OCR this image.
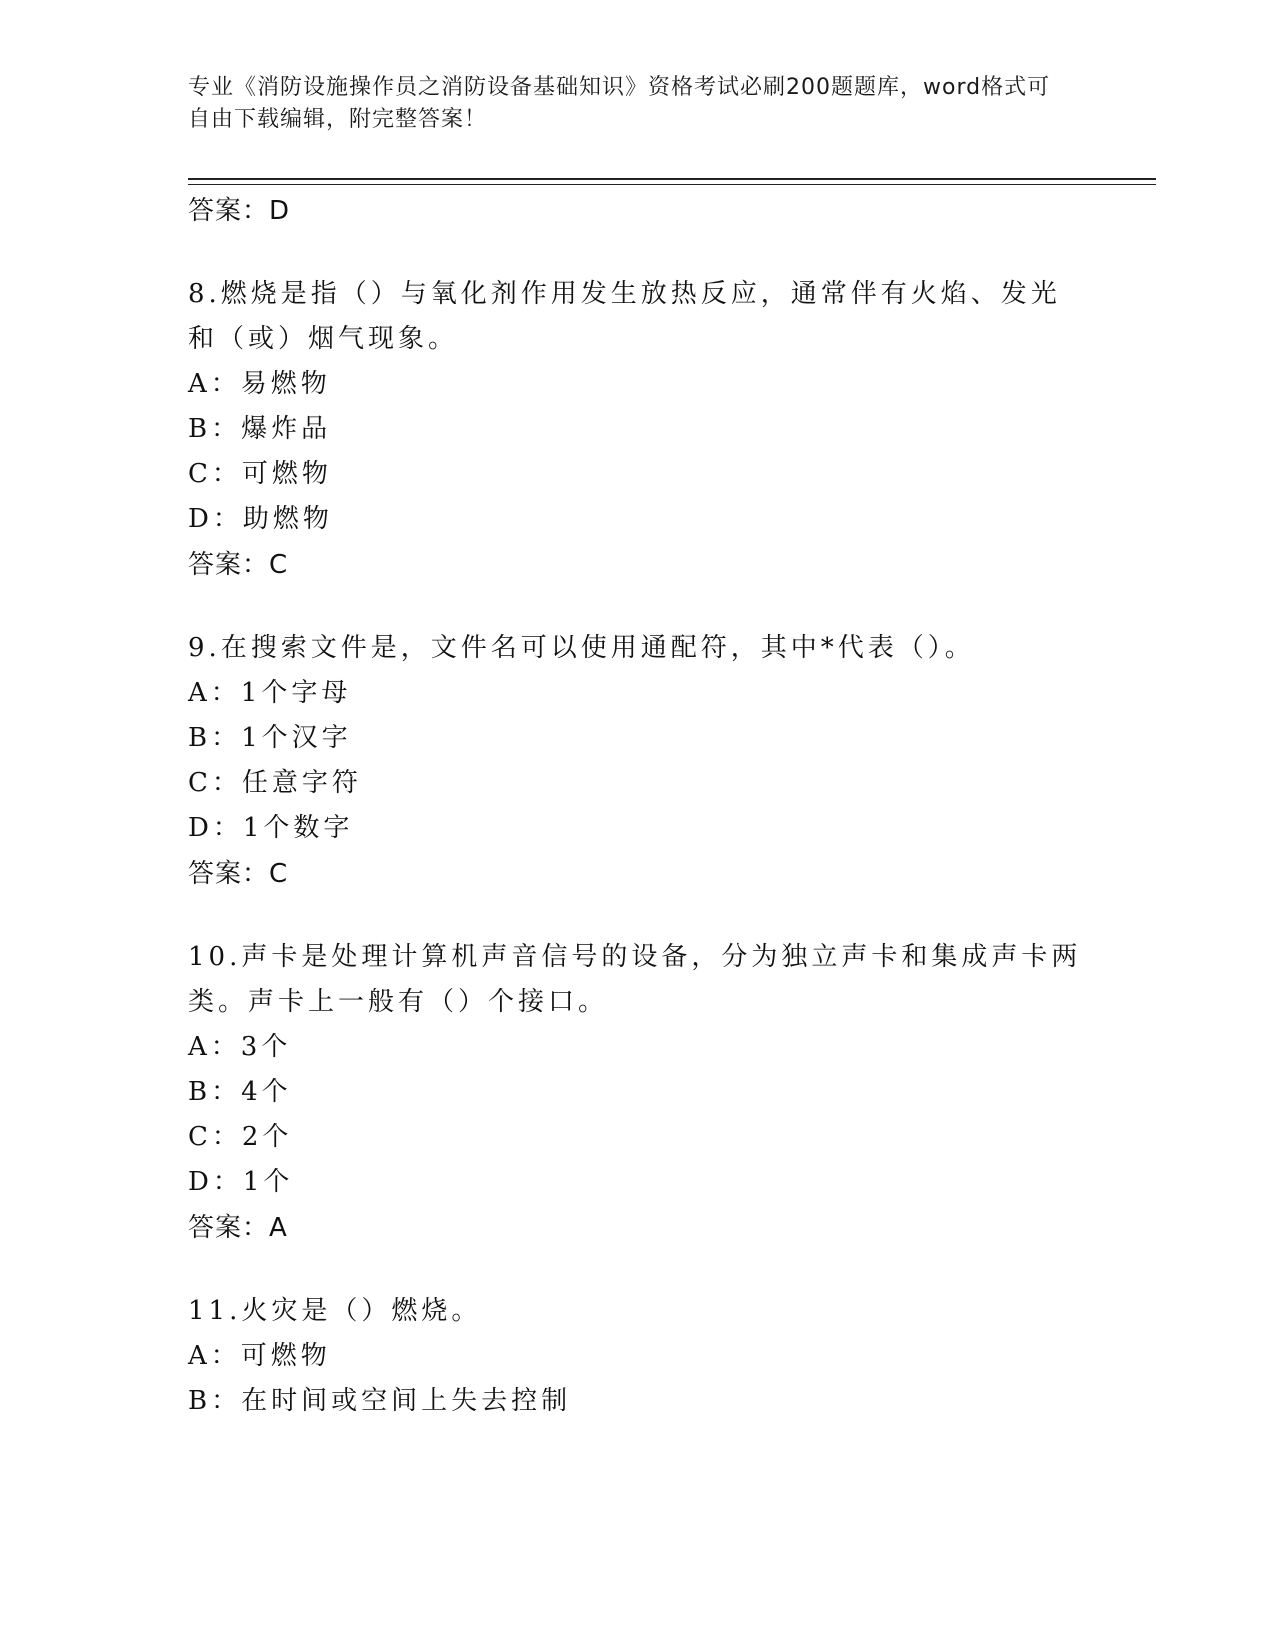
专业《消防设施操作员之消防设备基础知识》资格考试必刷200题题库，word格式可自由下载编辑，附完整答案！

答案：D

8.燃烧是指（）与氧化剂作用发生放热反应，通常伴有火焰、发光和（或）烟气现象。

A：易燃物

B：爆炸品

C：可燃物

D：助燃物

答案：C

9.在搜索文件是，文件名可以使用通配符，其中*代表（）。

A：1个字母

B：1个汉字

C：任意字符

D：1个数字

答案：C

10.声卡是处理计算机声音信号的设备，分为独立声卡和集成声卡两类。声卡上一般有（）个接口。

A：3个

B：4个

C：2个

D：1个

答案：A

11.火灾是（）燃烧。

A：可燃物

B：在时间或空间上失去控制
